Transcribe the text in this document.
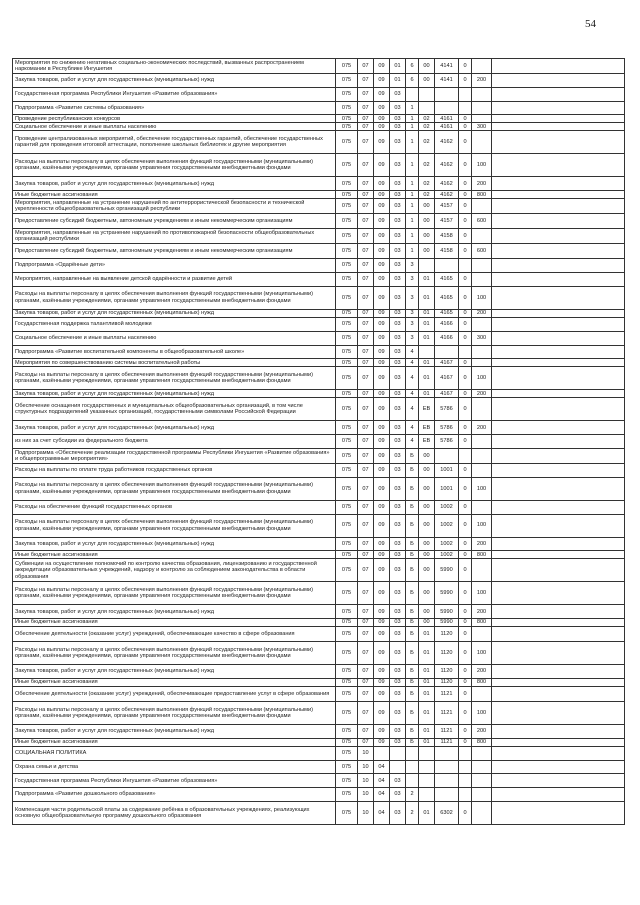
54
Мероприятия по снижению негативных социально-экономических последствий, вызванных распространением наркомании в Республике Ингушетия	075	07	09	01	6	00	4141	0			
Закупка товаров, работ и услуг для государственных (муниципальных) нужд	075	07	09	01	6	00	4141	0	200		
Государственная программа Республики Ингушетия «Развитие образования»	075	07	09	03							
Подпрограмма «Развитие системы образования»	075	07	09	03	1						
Проведение республиканских конкурсов	075	07	09	03	1	02	4161	0			
Социальное обеспечение и иные выплаты населению	075	07	09	03	1	02	4161	0	300		
Проведение централизованных мероприятий, обеспечение государственных гарантий, обеспечение государственных гарантий для проведения итоговой аттестации, пополнение школьных библиотек и другие мероприятия	075	07	09	03	1	02	4162	0			
Расходы на выплаты персоналу в целях обеспечения выполнения функций государственными (муниципальными) органами, казёнными учреждениями, органами управления государственными внебюджетными фондами	075	07	09	03	1	02	4162	0	100		
Закупка товаров, работ и услуг для государственных (муниципальных) нужд	075	07	09	03	1	02	4162	0	200		
Иные бюджетные ассигнования	075	07	09	03	1	02	4162	0	800		
Мероприятия, направленные на устранение нарушений по антитеррористической безопасности и технической укрепленности общеобразовательных организаций республики	075	07	09	03	1	00	4157	0			
Предоставление субсидий бюджетным, автономным учреждениям и иным некоммерческим организациям	075	07	09	03	1	00	4157	0	600		
Мероприятия, направленные на устранение нарушений по противопожарной безопасности общеобразовательных организаций республики	075	07	09	03	1	00	4158	0			
Предоставление субсидий бюджетным, автономным учреждениям и иным некоммерческим организациям	075	07	09	03	1	00	4158	0	600		
Подпрограмма «Одарённые дети»	075	07	09	03	3						
Мероприятия, направленные на выявление детской одарённости и развитие детей	075	07	09	03	3	01	4165	0			
Расходы на выплаты персоналу в целях обеспечения выполнения функций государственными (муниципальными) органами, казёнными учреждениями, органами управления государственными внебюджетными фондами	075	07	09	03	3	01	4165	0	100		
Закупка товаров, работ и услуг для государственных (муниципальных) нужд	075	07	09	03	3	01	4165	0	200		
Государственная поддержка талантливой молодежи	075	07	09	03	3	01	4166	0			
Социальное обеспечение и иные выплаты населению	075	07	09	03	3	01	4166	0	300		
Подпрограмма «Развитие воспитательной компоненты в общеобразовательной школе»	075	07	09	03	4						
Мероприятия по совершенствованию системы воспитательной работы	075	07	09	03	4	01	4167	0			
Расходы на выплаты персоналу в целях обеспечения выполнения функций государственными (муниципальными) органами, казёнными учреждениями, органами управления государственными внебюджетными фондами	075	07	09	03	4	01	4167	0	100		
Закупка товаров, работ и услуг для государственных (муниципальных) нужд	075	07	09	03	4	01	4167	0	200		
Обеспечение оснащения государственных и муниципальных общеобразовательных организаций, в том числе структурных подразделений указанных организаций, государственными символами Российской Федерации	075	07	09	03	4	EB	5786	0			
Закупка товаров, работ и услуг для государственных (муниципальных) нужд	075	07	09	03	4	EB	5786	0	200		
из них за счет субсидии из федерального бюджета	075	07	09	03	4	EB	5786	0			
Подпрограмма «Обеспечение реализации государственной программы Республики Ингушетия «Развитие образования» и общепрограммные мероприятия»	075	07	09	03	Б	00					
Расходы на выплаты по оплате труда работников государственных органов	075	07	09	03	Б	00	1001	0			
Расходы на выплаты персоналу в целях обеспечения выполнения функций государственными (муниципальными) органами, казёнными учреждениями, органами управления государственными внебюджетными фондами	075	07	09	03	Б	00	1001	0	100		
Расходы на обеспечение функций государственных органов	075	07	09	03	Б	00	1002	0			
Расходы на выплаты персоналу в целях обеспечения выполнения функций государственными (муниципальными) органами, казёнными учреждениями, органами управления государственными внебюджетными фондами	075	07	09	03	Б	00	1002	0	100		
Закупка товаров, работ и услуг для государственных (муниципальных) нужд	075	07	09	03	Б	00	1002	0	200		
Иные бюджетные ассигнования	075	07	09	03	Б	00	1002	0	800		
Субвенции на осуществление полномочий по контролю качества образования, лицензированию и государственной аккредитации образовательных учреждений, надзору и контролю за соблюдением законодательства в области образования	075	07	09	03	Б	00	5990	0			
Расходы на выплаты персоналу в целях обеспечения выполнения функций государственными (муниципальными) органами, казёнными учреждениями, органами управления государственными внебюджетными фондами	075	07	09	03	Б	00	5990	0	100		
Закупка товаров, работ и услуг для государственных (муниципальных) нужд	075	07	09	03	Б	00	5990	0	200		
Иные бюджетные ассигнования	075	07	09	03	Б	00	5990	0	800		
Обеспечение деятельности (оказание услуг) учреждений, обеспечивающие качество в сфере образования	075	07	09	03	Б	01	1120	0			
Расходы на выплаты персоналу в целях обеспечения выполнения функций государственными (муниципальными) органами, казёнными учреждениями, органами управления государственными внебюджетными фондами	075	07	09	03	Б	01	1120	0	100		
Закупка товаров, работ и услуг для государственных (муниципальных) нужд	075	07	09	03	Б	01	1120	0	200		
Иные бюджетные ассигнования	075	07	09	03	Б	01	1120	0	800		
Обеспечение деятельности (оказание услуг) учреждений, обеспечивающие предоставление услуг в сфере образования	075	07	09	03	Б	01	1121	0			
Расходы на выплаты персоналу в целях обеспечения выполнения функций государственными (муниципальными) органами, казёнными учреждениями, органами управления государственными внебюджетными фондами	075	07	09	03	Б	01	1121	0	100		
Закупка товаров, работ и услуг для государственных (муниципальных) нужд	075	07	09	03	Б	01	1121	0	200		
Иные бюджетные ассигнования	075	07	09	03	Б	01	1121	0	800		
СОЦИАЛЬНАЯ ПОЛИТИКА	075	10									
Охрана семьи и детства	075	10	04								
Государственная программа Республики Ингушетия «Развитие образования»	075	10	04	03							
Подпрограмма «Развитие дошкольного образования»	075	10	04	03	2						
Компенсация части родительской платы за содержание ребёнка в образовательных учреждениях, реализующих основную общеобразовательную программу дошкольного образования	075	10	04	03	2	01	6302	0			
